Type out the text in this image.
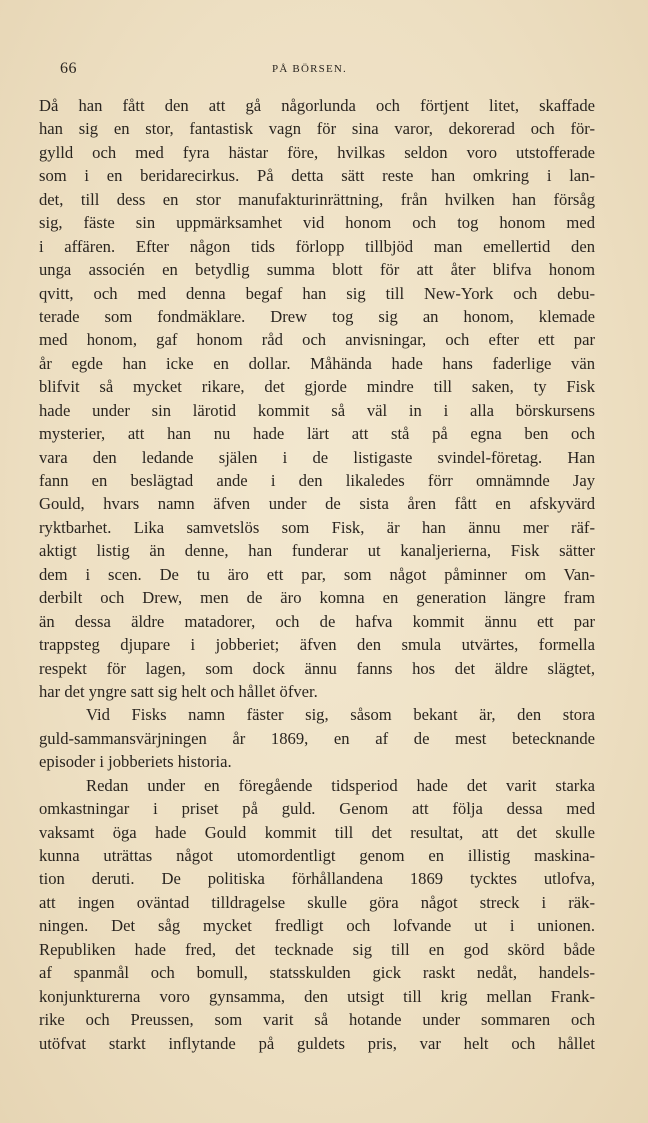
66	PÅ BÖRSEN.
Då han fått den att gå någorlunda och förtjent litet, skaffade
han sig en stor, fantastisk vagn för sina varor, dekorerad och för-
gylld och med fyra hästar före, hvilkas seldon voro utstofferade
som i en beridarecirkus. På detta sätt reste han omkring i lan-
det, till dess en stor manufakturinrättning, från hvilken han försåg
sig, fäste sin uppmärksamhet vid honom och tog honom med
i affären. Efter någon tids förlopp tillbjöd man emellertid den
unga associén en betydlig summa blott för att åter blifva honom
qvitt, och med denna begaf han sig till New-York och debu-
terade som fondmäklare. Drew tog sig an honom, klemade
med honom, gaf honom råd och anvisningar, och efter ett par
år egde han icke en dollar. Måhända hade hans faderlige vän
blifvit så mycket rikare, det gjorde mindre till saken, ty Fisk
hade under sin lärotid kommit så väl in i alla börskursens
mysterier, att han nu hade lärt att stå på egna ben och
vara den ledande själen i de listigaste svindel-företag. Han
fann en beslägtad ande i den likaledes förr omnämnde Jay
Gould, hvars namn äfven under de sista åren fått en afskyvärd
ryktbarhet. Lika samvetslös som Fisk, är han ännu mer räf-
aktigt listig än denne, han funderar ut kanaljerierna, Fisk sätter
dem i scen. De tu äro ett par, som något påminner om Van-
derbilt och Drew, men de äro komna en generation längre fram
än dessa äldre matadorer, och de hafva kommit ännu ett par
trappsteg djupare i jobberiet; äfven den smula utvärtes, formella
respekt för lagen, som dock ännu fanns hos det äldre slägtet,
har det yngre satt sig helt och hållet öfver.
Vid Fisks namn fäster sig, såsom bekant är, den stora
guld-sammansvärjningen år 1869, en af de mest betecknande
episoder i jobberiets historia.
Redan under en föregående tidsperiod hade det varit starka
omkastningar i priset på guld. Genom att följa dessa med
vaksamt öga hade Gould kommit till det resultat, att det skulle
kunna uträttas något utomordentligt genom en illistig maskina-
tion deruti. De politiska förhållandena 1869 tycktes utlofva,
att ingen oväntad tilldragelse skulle göra något streck i räk-
ningen. Det såg mycket fredligt och lofvande ut i unionen.
Republiken hade fred, det tecknade sig till en god skörd både
af spanmål och bomull, statsskulden gick raskt nedåt, handels-
konjunkturerna voro gynsamma, den utsigt till krig mellan Frank-
rike och Preussen, som varit så hotande under sommaren och
utöfvat starkt inflytande på guldets pris, var helt och hållet
